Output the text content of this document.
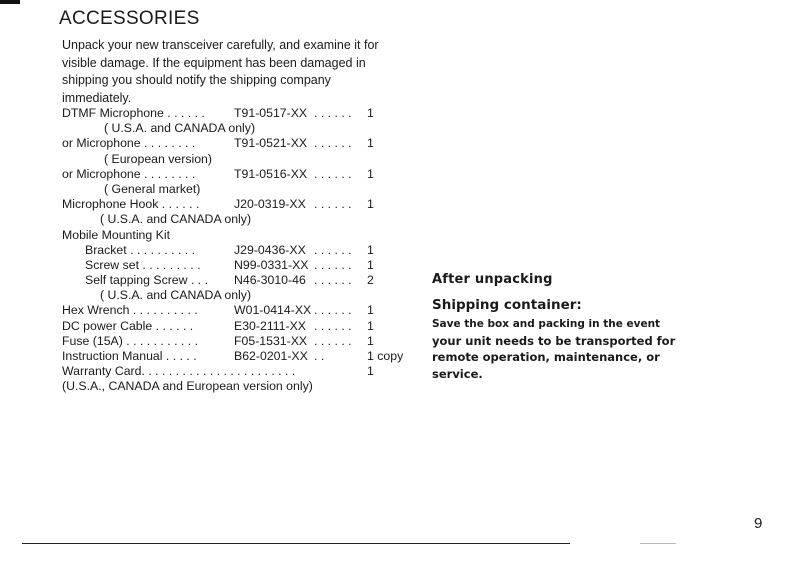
ACCESSORIES

Unpack your new transceiver carefully, and examine it for visible damage. If the equipment has been damaged in shipping you should notify the shipping company immediately.

DTMF Microphone . . . . . . T91-0517-XX . . . . . . 1
( U.S.A. and CANADA only)
or Microphone . . . . . . . .	T91-0521-XX . . . . . . 1
( European version)
or Microphone . . . . . . . .	T91-0516-XX . . . . . . 1
( General market)
Microphone Hook . . . . . .	J20-0319-XX . . . . . . 1
( U.S.A. and CANADA only)
Mobile Mounting Kit
Bracket . . . . . . . . . .	J29-0436-XX . . . . . . 1
Screw set . . . . . . . . .	N99-0331-XX . . . . . . 1
Self tapping Screw . . . N46-3010-46 . . . . . . 2
( U.S.A. and CANADA only)
Hex Wrench . . . . . . . . . .	W01-0414-XX . . . . . . 1
DC power Cable . . . . . .	E30-2111-XX . . . . . . 1
Fuse (15A) . . . . . . . . . . .	F05-1531-XX . . . . . . 1
Instruction Manual . . . . .	B62-0201-XX . .	1 copy
Warranty Card. . . . . . . . . . . . . . . . . . . . . . .	1
(U.S.A., CANADA and European version only)

After unpacking

Shipping container:

Save the box and packing in the event
your unit needs to be transported for
remote operation, maintenance, or
service.

9
